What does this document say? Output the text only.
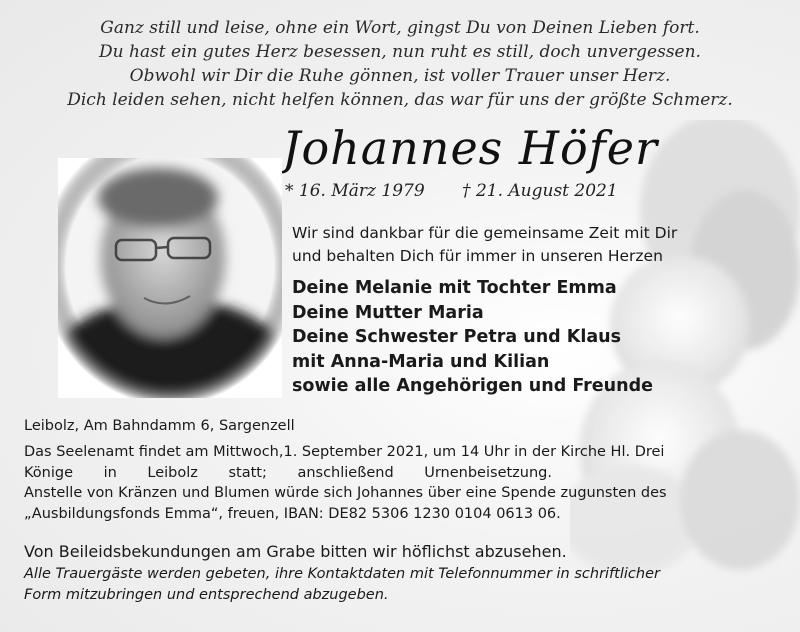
Ganz still und leise, ohne ein Wort, gingst Du von Deinen Lieben fort.
Du hast ein gutes Herz besessen, nun ruht es still, doch unvergessen.
Obwohl wir Dir die Ruhe gönnen, ist voller Trauer unser Herz.
Dich leiden sehen, nicht helfen können, das war für uns der größte Schmerz.
Johannes Höfer
* 16. März 1979 † 21. August 2021
Wir sind dankbar für die gemeinsame Zeit mit Dir
und behalten Dich für immer in unseren Herzen
Deine Melanie mit Tochter Emma
Deine Mutter Maria
Deine Schwester Petra und Klaus
mit Anna-Maria und Kilian
sowie alle Angehörigen und Freunde
Leibolz, Am Bahndamm 6, Sargenzell
Das Seelenamt findet am Mittwoch,1. September 2021, um 14 Uhr in der Kirche Hl. Drei
Könige in Leibolz statt; anschließend Urnenbeisetzung.
Anstelle von Kränzen und Blumen würde sich Johannes über eine Spende zugunsten des
„Ausbildungsfonds Emma“, freuen, IBAN: DE82 5306 1230 0104 0613 06.
Von Beileidsbekundungen am Grabe bitten wir höflichst abzusehen.
Alle Trauergäste werden gebeten, ihre Kontaktdaten mit Telefonnummer in schriftlicher
Form mitzubringen und entsprechend abzugeben.
